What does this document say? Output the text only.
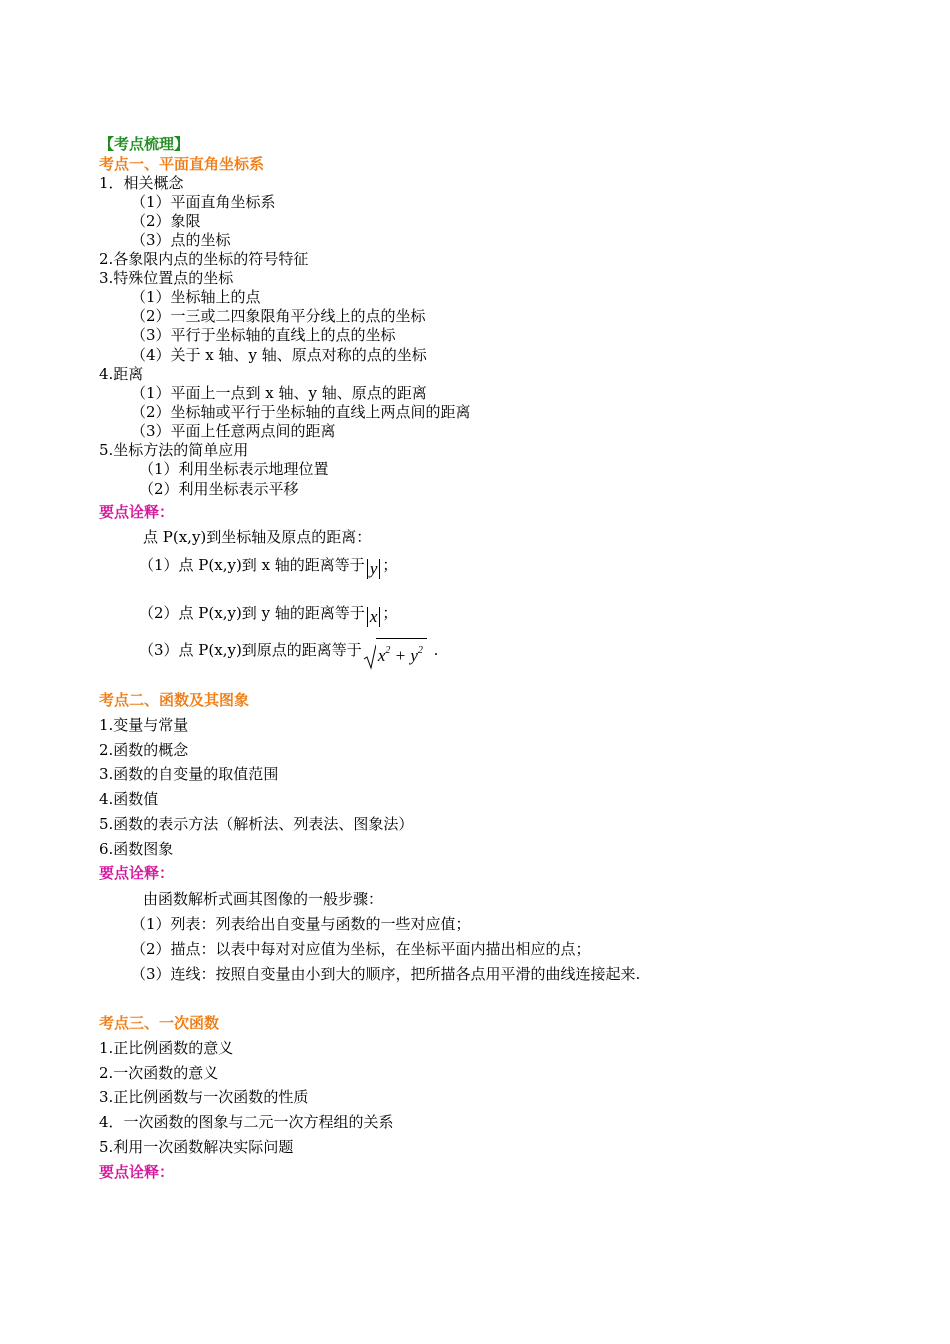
【考点梳理】
考点一、平面直角坐标系
1．相关概念
（1）平面直角坐标系
（2）象限
（3）点的坐标
2.各象限内点的坐标的符号特征
3.特殊位置点的坐标
（1）坐标轴上的点
（2）一三或二四象限角平分线上的点的坐标
（3）平行于坐标轴的直线上的点的坐标
（4）关于 x 轴、y 轴、原点对称的点的坐标
4.距离
（1）平面上一点到 x 轴、y 轴、原点的距离
（2）坐标轴或平行于坐标轴的直线上两点间的距离
（3）平面上任意两点间的距离
5.坐标方法的简单应用
（1）利用坐标表示地理位置
（2）利用坐标表示平移
要点诠释：
点 P(x,y)到坐标轴及原点的距离：
（1）点 P(x,y)到 x 轴的距离等于 y ；
（2）点 P(x,y)到 y 轴的距离等于 x ；
（3）点 P(x,y)到原点的距离等于 $x^2 + y^2$ .
考点二、函数及其图象
1.变量与常量
2.函数的概念
3.函数的自变量的取值范围
4.函数值
5.函数的表示方法（解析法、列表法、图象法）
6.函数图象
要点诠释：
由函数解析式画其图像的一般步骤：
（1）列表：列表给出自变量与函数的一些对应值；
（2）描点：以表中每对对应值为坐标，在坐标平面内描出相应的点；
（3）连线：按照自变量由小到大的顺序，把所描各点用平滑的曲线连接起来.
考点三、一次函数
1.正比例函数的意义
2.一次函数的意义
3.正比例函数与一次函数的性质
4．一次函数的图象与二元一次方程组的关系
5.利用一次函数解决实际问题
要点诠释：
